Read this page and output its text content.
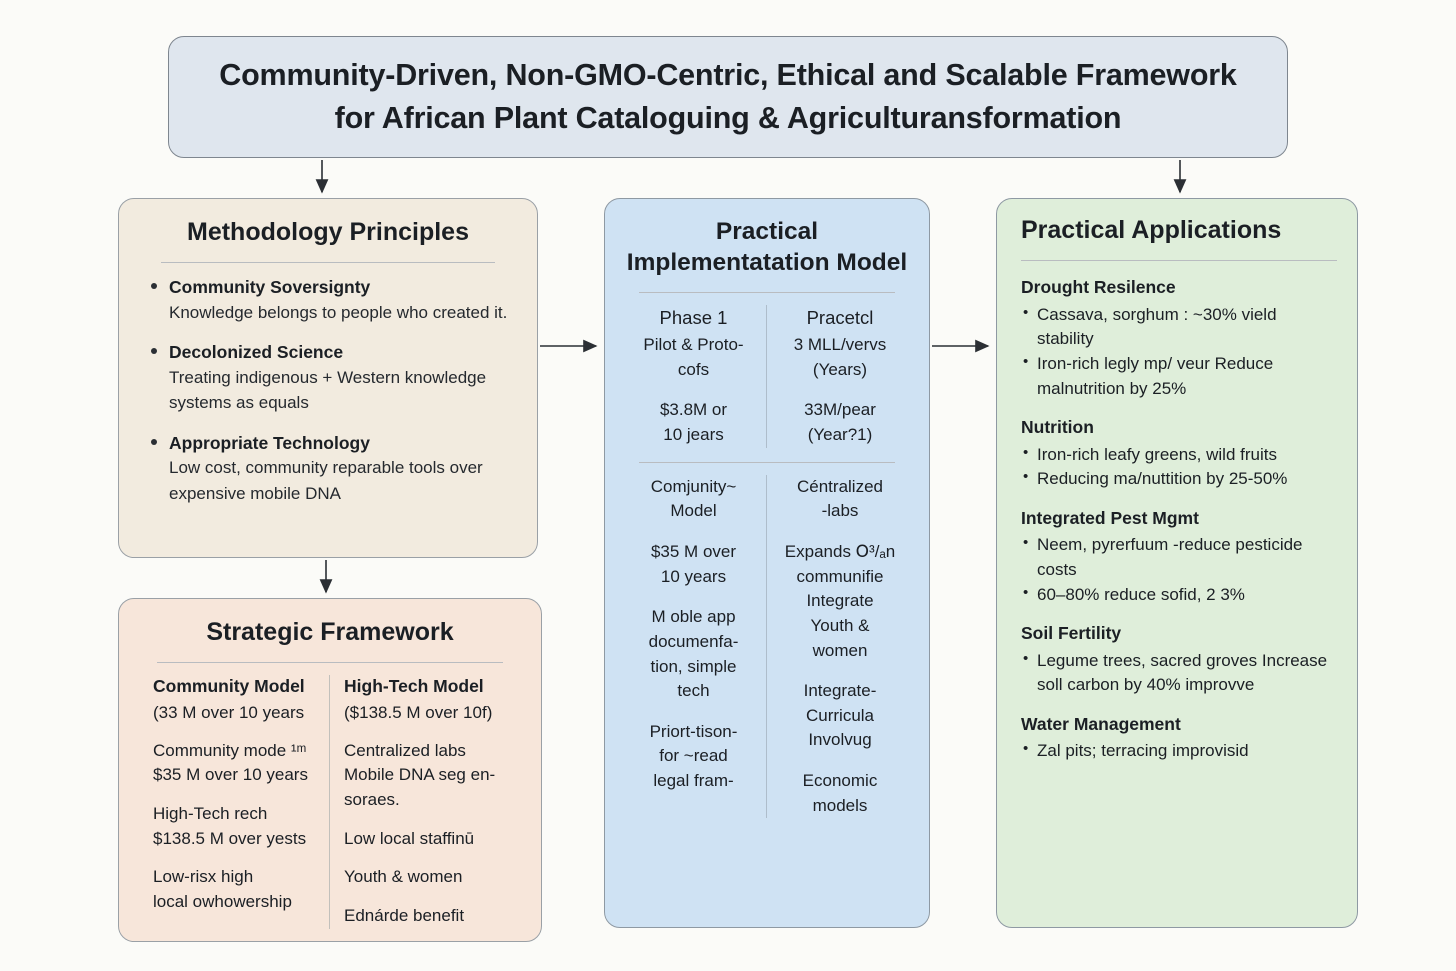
Community-Driven, Non-GMO-Centric, Ethical and Scalable Framework for African Plant Cataloguing & Agriculturansformation
Methodology Principles
Community Soversignty
Knowledge belongs to people who created it.
Decolonized Science
Treating indigenous + Western knowledge systems as equals
Appropriate Technology
Low cost, community reparable tools over expensive mobile DNA
Strategic Framework
Community Model
(33 M over 10 years
Community mode ¹ᵐ
$35 M over 10 years
High-Tech rech
$138.5 M over yests
Low-risx high
local owhowership
High-Tech Model
($138.5 M over 10f)
Centralized labs
Mobile DNA seg en-
soraes.
Low local staffinū
Youth & women
Ednárde benefit
Practical Implementatation Model
Phase 1
Pilot & Proto-
cofs
$3.8M or
10 jears
Pracetcl
3 MLL/vervs
(Years)
33M/pear
(Year?1)
Comjunity~
Model
$35 M over
10 years
M oble app
documenfa-
tion, simple
tech
Priort-tison-
for ~read
legal fram-
Céntralized
-labs
Expands Օ³/ₐn
communifie
Integrate
Youth &
women
Integrate-
Curricula
Involvug
Economic
models
Practical Applications
Drought Resilence
• Cassava, sorghum : ~30% vield stability
• Iron-rich legly mp/ veur Reduce malnutrition by 25%
Nutrition
• Iron-rich leafy greens, wild fruits
• Reducing ma/nuttition by 25-50%
Integrated Pest Mgmt
• Neem, pyrerfuum -reduce pesticide costs
• 60–80% reduce sofid, 2 3%
Soil Fertility
• Legume trees, sacred groves Increase soll carbon by 40% improvve
Water Management
• Zal pits; terracing improvisid
